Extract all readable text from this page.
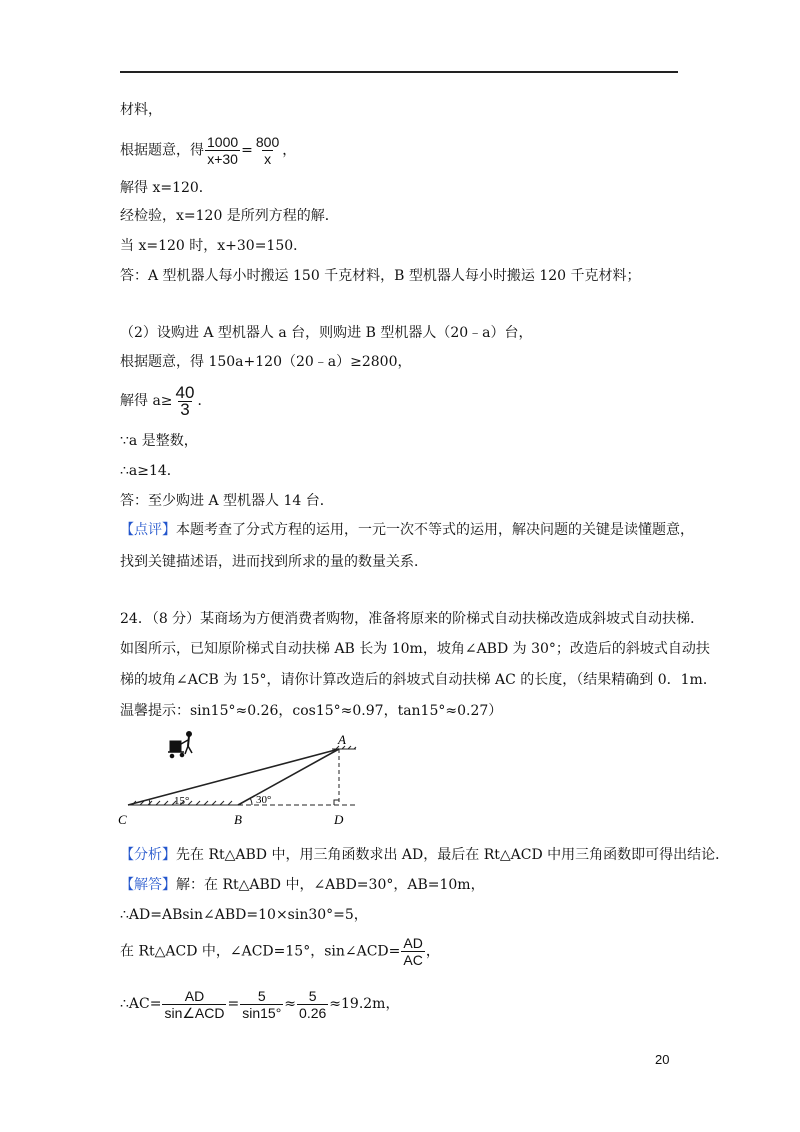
材料，
根据题意，得 $\frac{1000}{x+30} = \frac{800}{x}$ ，
解得 x=120．
经检验，x=120 是所列方程的解．
当 x=120 时，x+30=150．
答：A 型机器人每小时搬运 150 千克材料，B 型机器人每小时搬运 120 千克材料；
（2）设购进 A 型机器人 a 台，则购进 B 型机器人（20﹣a）台，
根据题意，得 150a+120（20﹣a）≥2800，
解得 $a\ge \frac{40}{3}$ ．
∵a 是整数，
∴a≥14．
答：至少购进 A 型机器人 14 台．
【点评】本题考查了分式方程的运用，一元一次不等式的运用，解决问题的关键是读懂题意，
找到关键描述语，进而找到所求的量的数量关系．
24．（8 分）某商场为方便消费者购物，准备将原来的阶梯式自动扶梯改造成斜坡式自动扶梯．
如图所示，已知原阶梯式自动扶梯 AB 长为 10m，坡角∠ABD 为 30°；改造后的斜坡式自动扶
梯的坡角∠ACB 为 15°，请你计算改造后的斜坡式自动扶梯 AC 的长度，（结果精确到 0．1m．
温馨提示：sin15°≈0.26，cos15°≈0.97，tan15°≈0.27）
A
B
C	D
15°	30°
【分析】先在 Rt△ABD 中，用三角函数求出 AD，最后在 Rt△ACD 中用三角函数即可得出结论．
【解答】解：在 Rt△ABD 中，∠ABD=30°，AB=10m，
∴AD=ABsin∠ABD=10×sin30°=5，
在 Rt△ACD 中，∠ACD=15°，sin∠ACD= $\frac{AD}{AC}$ ，
∴AC= $\frac{AD}{\text{sin∠ACD}} = \frac{5}{\sin 15^\circ} \approx \frac{5}{0.26} \approx 19.2m$，
20
